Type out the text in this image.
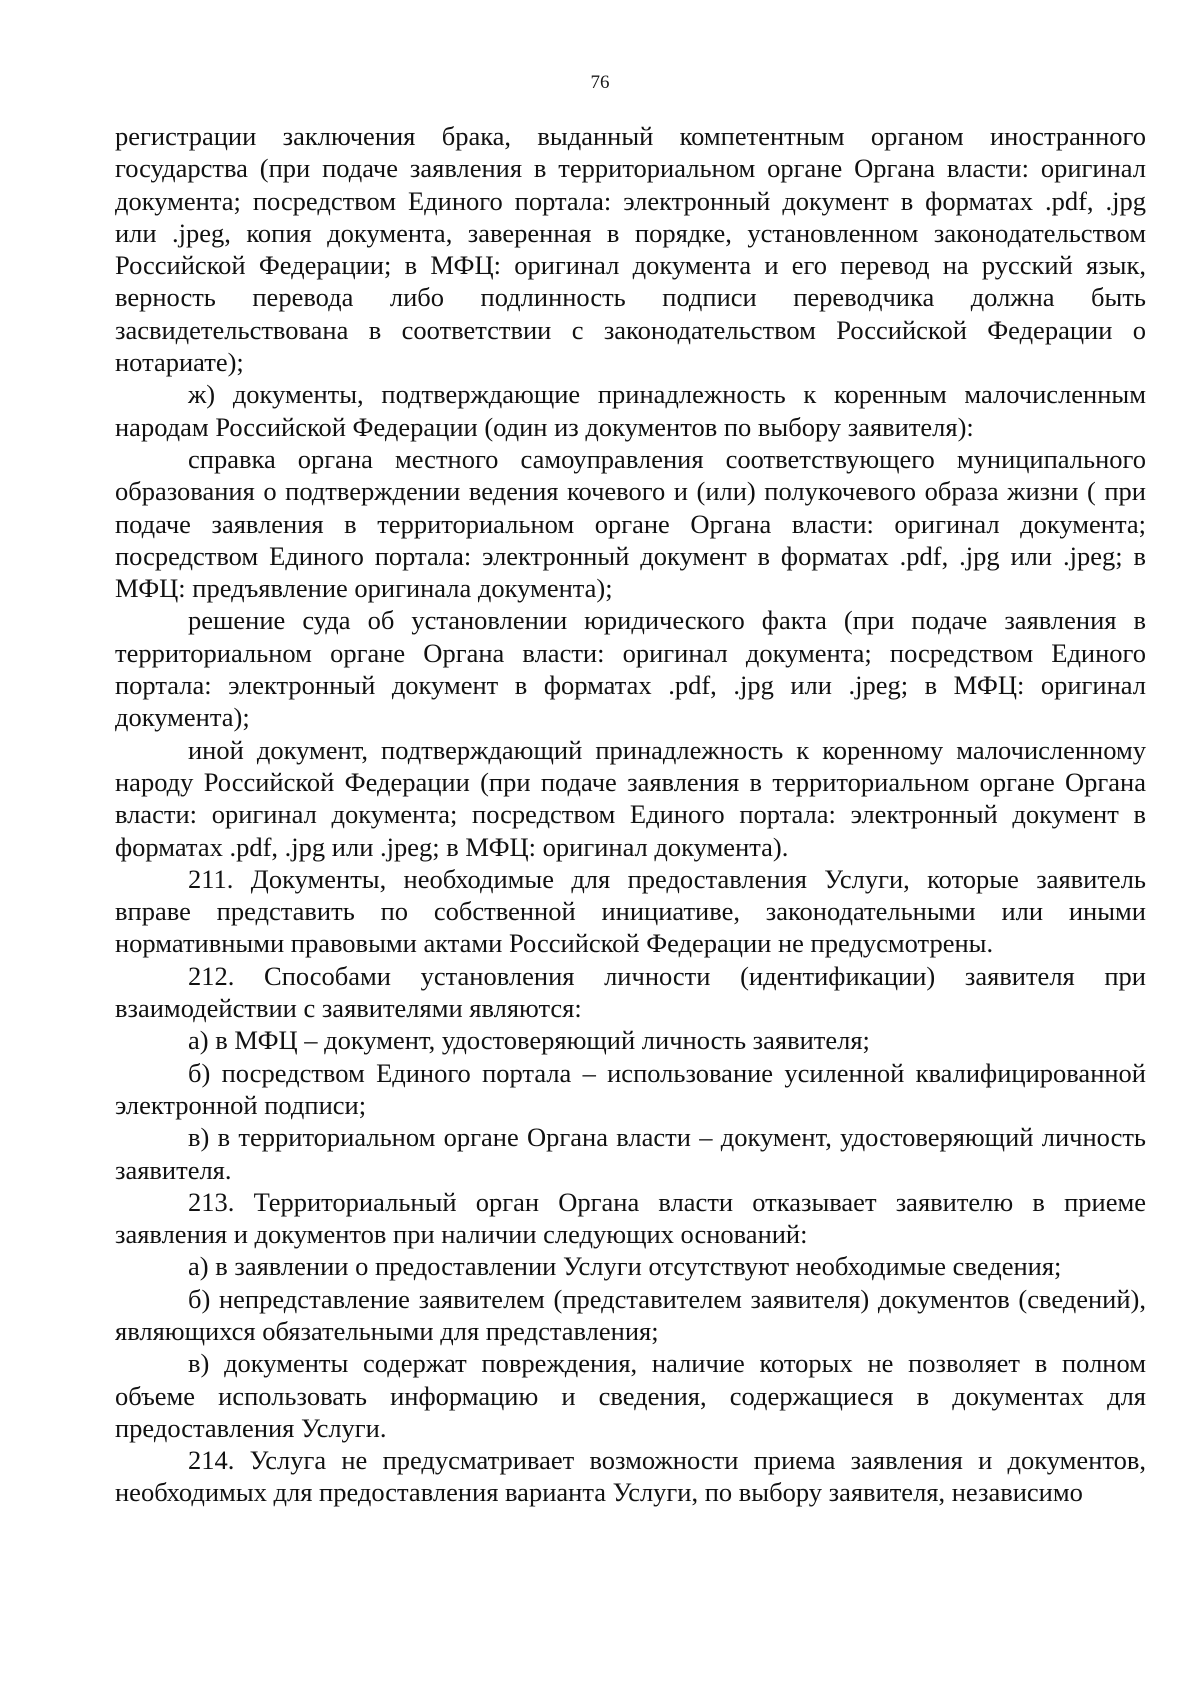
76

регистрации заключения брака, выданный компетентным органом иностранного государства (при подаче заявления в территориальном органе Органа власти: оригинал документа; посредством Единого портала: электронный документ в форматах .pdf, .jpg или .jpeg, копия документа, заверенная в порядке, установленном законодательством Российской Федерации; в МФЦ: оригинал документа и его перевод на русский язык, верность перевода либо подлинность подписи переводчика должна быть засвидетельствована в соответствии с законодательством Российской Федерации о нотариате);

ж) документы, подтверждающие принадлежность к коренным малочисленным народам Российской Федерации (один из документов по выбору заявителя):

справка органа местного самоуправления соответствующего муниципального образования о подтверждении ведения кочевого и (или) полукочевого образа жизни ( при подаче заявления в территориальном органе Органа власти: оригинал документа; посредством Единого портала: электронный документ в форматах .pdf, .jpg или .jpeg; в МФЦ: предъявление оригинала документа);

решение суда об установлении юридического факта (при подаче заявления в территориальном органе Органа власти: оригинал документа; посредством Единого портала: электронный документ в форматах .pdf, .jpg или .jpeg; в МФЦ: оригинал документа);

иной документ, подтверждающий принадлежность к коренному малочисленному народу Российской Федерации (при подаче заявления в территориальном органе Органа власти: оригинал документа; посредством Единого портала: электронный документ в форматах .pdf, .jpg или .jpeg; в МФЦ: оригинал документа).

211. Документы, необходимые для предоставления Услуги, которые заявитель вправе представить по собственной инициативе, законодательными или иными нормативными правовыми актами Российской Федерации не предусмотрены.

212. Способами установления личности (идентификации) заявителя при взаимодействии с заявителями являются:

а) в МФЦ – документ, удостоверяющий личность заявителя;

б) посредством Единого портала – использование усиленной квалифицированной электронной подписи;

в) в территориальном органе Органа власти – документ, удостоверяющий личность заявителя.

213. Территориальный орган Органа власти отказывает заявителю в приеме заявления и документов при наличии следующих оснований:

а) в заявлении о предоставлении Услуги отсутствуют необходимые сведения;

б) непредставление заявителем (представителем заявителя) документов (сведений), являющихся обязательными для представления;

в) документы содержат повреждения, наличие которых не позволяет в полном объеме использовать информацию и сведения, содержащиеся в документах для предоставления Услуги.

214. Услуга не предусматривает возможности приема заявления и документов, необходимых для предоставления варианта Услуги, по выбору заявителя, независимо
